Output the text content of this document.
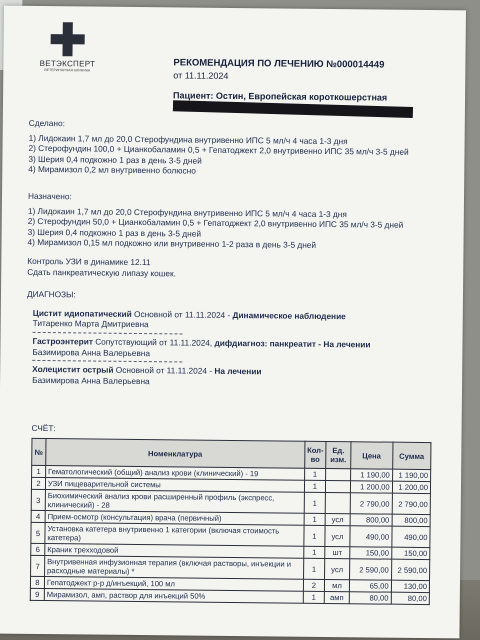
ВЕТЭКСПЕРТ
ВЕТЕРИНАРНАЯ КЛИНИКА	РЕКОМЕНДАЦИЯ ПО ЛЕЧЕНИЮ №000014449
от 11.11.2024
Пациент: Остин, Европейская короткошерстная
Сделано:
1) Лидокаин 1,7 мл до 20,0 Стерофундина внутривенно ИПС 5 мл/ч 4 часа 1-3 дня
2) Стерофундин 100,0 + Цианкобаламин 0,5 + Гепатоджект 2,0 внутривенно ИПС 35 мл/ч 3-5 дней
3) Шерия 0,4 подкожно 1 раз в день 3-5 дней
4) Мирамизол 0,2 мл внутривенно болюсно
Назначено:
1) Лидокаин 1,7 мл до 20,0 Стерофундина внутривенно ИПС 5 мл/ч 4 часа 1-3 дня
2) Стерофундин 50,0 + Цианкобаламин 0,5 + Гепатоджект 2,0 внутривенно ИПС 35 мл/ч 3-5 дней
3) Шерия 0,4 подкожно 1 раз в день 3-5 дней
4) Мирамизол 0,15 мл подкожно или внутривенно 1-2 раза в день 3-5 дней
Контроль УЗИ в динамике 12.11
Сдать панкреатическую липазу кошек.
ДИАГНОЗЫ:
Цистит идиопатический Основной от 11.11.2024 - Динамическое наблюдение
Титаренко Марта Дмитриевна
Гастроэнтерит Сопутствующий от 11.11.2024, дифдиагноз: панкреатит - На лечении
Базимирова Анна Валерьевна
Холецистит острый Основной от 11.11.2024 - На лечении
Базимирова Анна Валерьевна
СЧЁТ:
№	Номенклатура	Кол-во	Ед. изм.	Цена	Сумма
1	Гематологический (общий) анализ крови (клинический) - 19	1		1 190,00	1 190,00
2	УЗИ пищеварительной системы	1		1 200,00	1 200,00
3	Биохимический анализ крови расширенный профиль (экспресс, клинический) - 28	1		2 790,00	2 790,00
4	Прием-осмотр (консультация) врача (первичный)	1	усл	800,00	800,00
5	Установка катетера внутривенно 1 категории (включая стоимость катетера)	1	усл	490,00	490,00
6	Краник трехходовой	1	шт	150,00	150,00
7	Внутривенная инфузионная терапия (включая растворы, инъекции и расходные материалы) *	1	усл	2 590,00	2 590,00
8	Гепатоджект р-р д/инъекций, 100 мл	2	мл	65,00	130,00
9	Мирамизол, амп, раствор для инъекций 50%	1	амп	80,00	80,00
